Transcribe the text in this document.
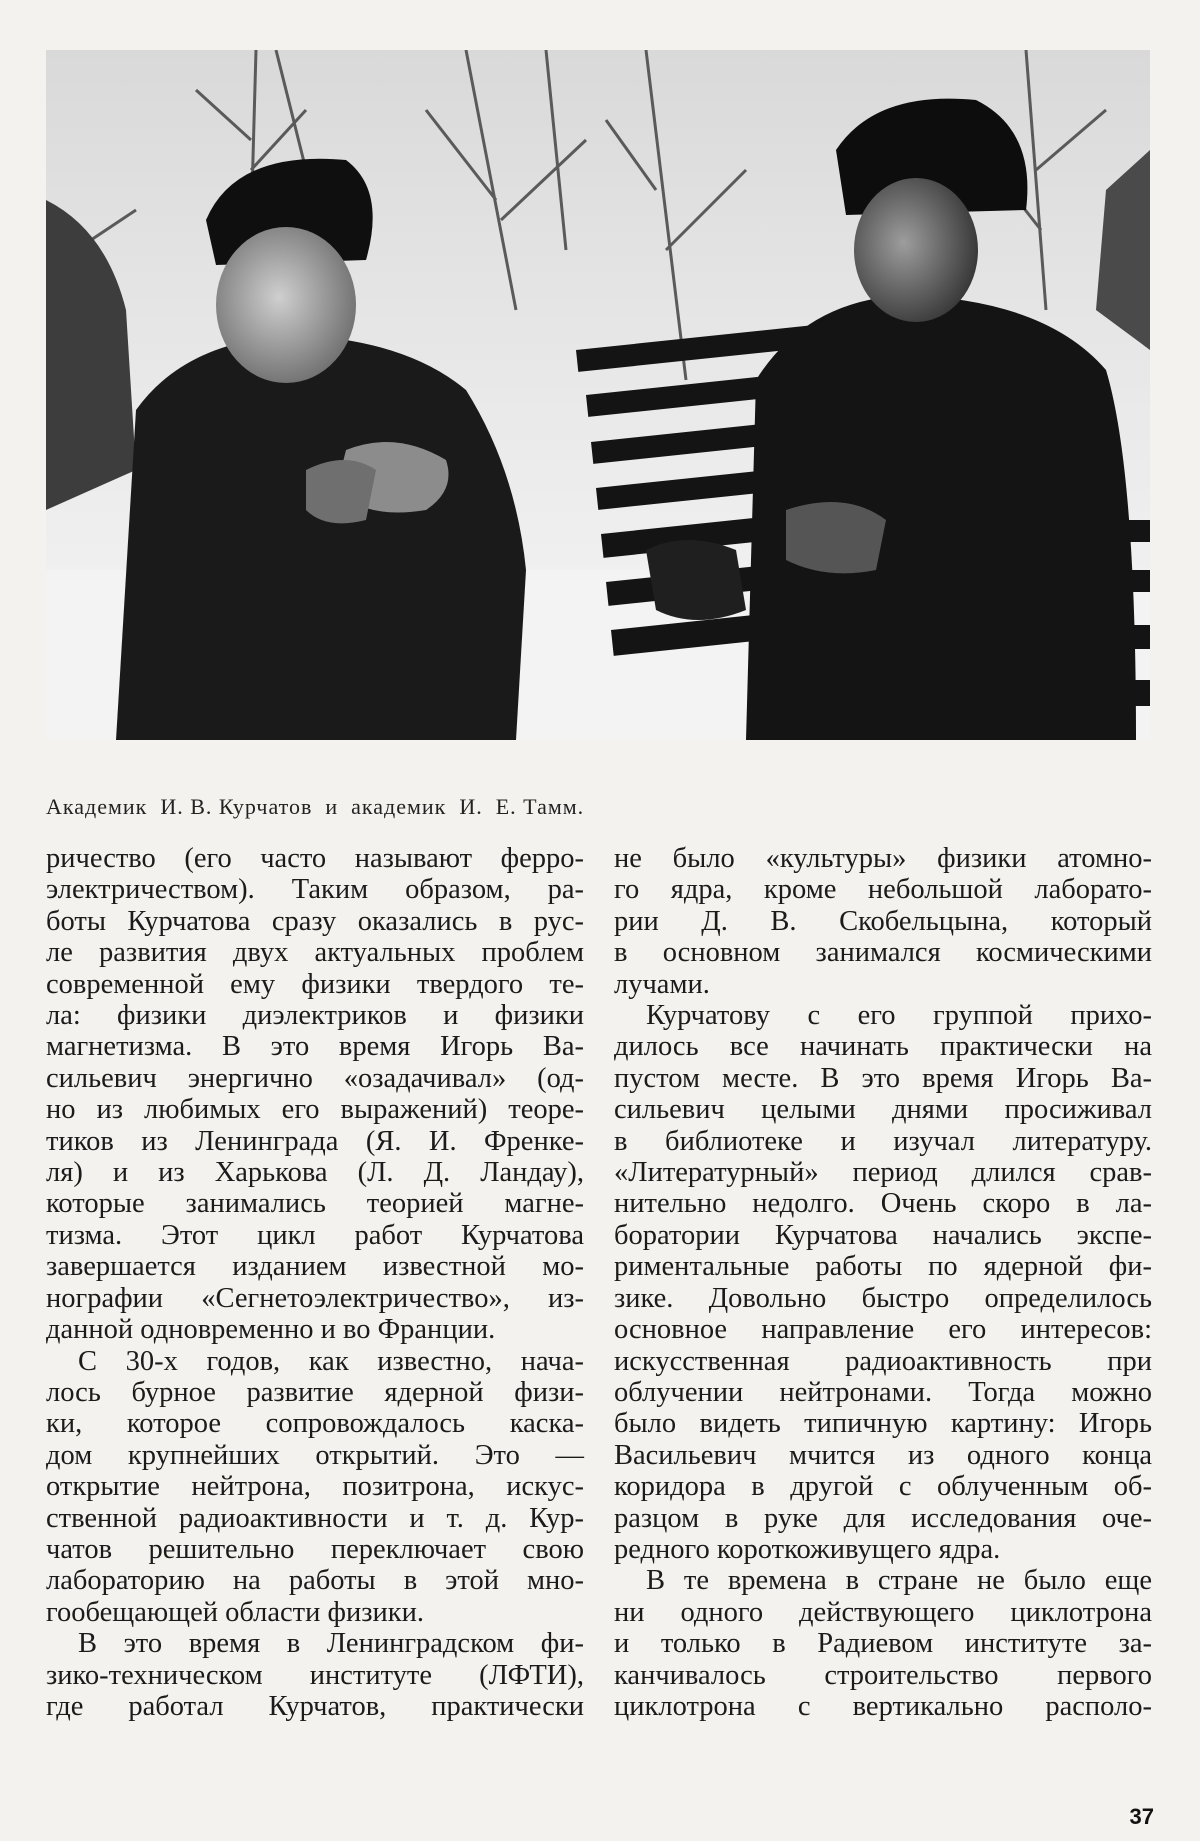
Академик  И. В. Курчатов  и  академик  И.  Е. Тамм.
ричество (его часто называют ферро-
электричеством). Таким образом, ра-
боты Курчатова сразу оказались в рус-
ле развития двух актуальных проблем
современной ему физики твердого те-
ла: физики диэлектриков и физики
магнетизма. В это время Игорь Ва-
сильевич энергично «озадачивал» (од-
но из любимых его выражений) теоре-
тиков из Ленинграда (Я. И. Френке-
ля) и из Харькова (Л. Д. Ландау),
которые занимались теорией магне-
тизма. Этот цикл работ Курчатова
завершается изданием известной мо-
нографии «Сегнетоэлектричество», из-
данной одновременно и во Франции.
С 30-х годов, как известно, нача-
лось бурное развитие ядерной физи-
ки, которое сопровождалось каска-
дом крупнейших открытий. Это —
открытие нейтрона, позитрона, искус-
ственной радиоактивности и т. д. Кур-
чатов решительно переключает свою
лабораторию на работы в этой мно-
гообещающей области физики.
В это время в Ленинградском фи-
зико-техническом институте (ЛФТИ),
где работал Курчатов, практически
не было «культуры» физики атомно-
го ядра, кроме небольшой лаборато-
рии Д. В. Скобельцына, который
в основном занимался космическими
лучами.
Курчатову с его группой прихо-
дилось все начинать практически на
пустом месте. В это время Игорь Ва-
сильевич целыми днями просиживал
в библиотеке и изучал литературу.
«Литературный» период длился срав-
нительно недолго. Очень скоро в ла-
боратории Курчатова начались экспе-
риментальные работы по ядерной фи-
зике. Довольно быстро определилось
основное направление его интересов:
искусственная радиоактивность при
облучении нейтронами. Тогда можно
было видеть типичную картину: Игорь
Васильевич мчится из одного конца
коридора в другой с облученным об-
разцом в руке для исследования оче-
редного короткоживущего ядра.
В те времена в стране не было еще
ни одного действующего циклотрона
и только в Радиевом институте за-
канчивалось строительство первого
циклотрона с вертикально располо-
37
